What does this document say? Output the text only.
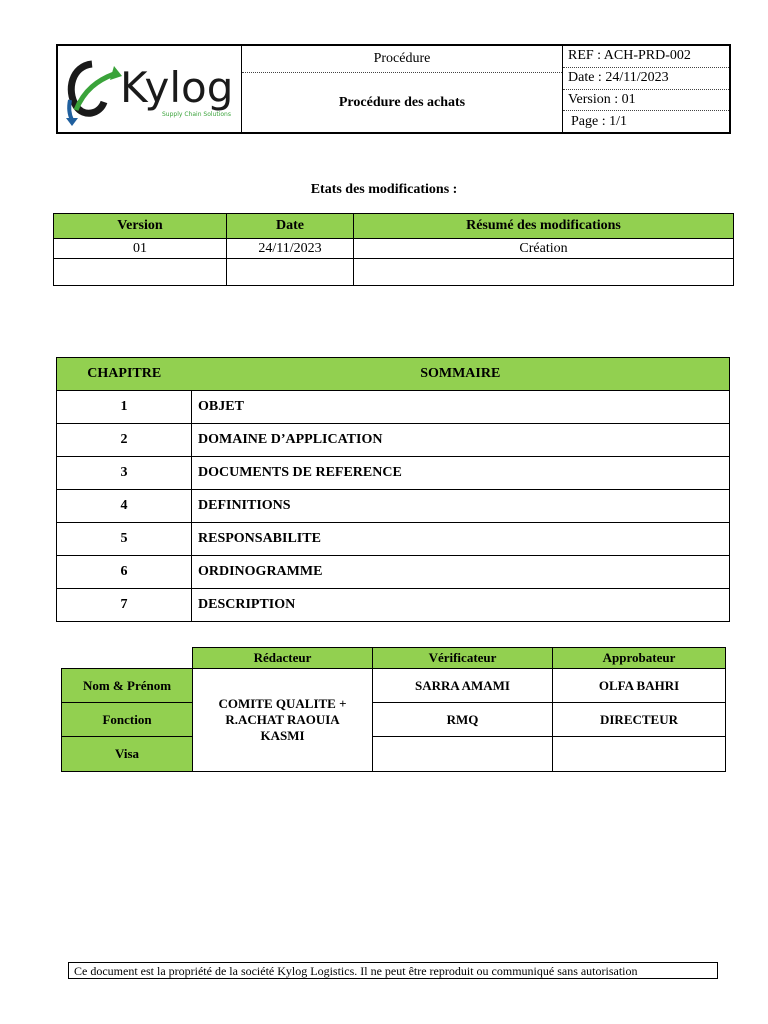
Kylog
Supply Chain Solutions
Procédure
Procédure des achats
REF : ACH-PRD-002
Date : 24/11/2023
Version : 01
Page : 1/1
Etats des modifications :
Version	Date	Résumé des modifications
01	24/11/2023	Création

CHAPITRE	SOMMAIRE
1	OBJET
2	DOMAINE D’APPLICATION
3	DOCUMENTS DE REFERENCE
4	DEFINITIONS
5	RESPONSABILITE
6	ORDINOGRAMME
7	DESCRIPTION
	Rédacteur	Vérificateur	Approbateur
Nom & Prénom	COMITE QUALITE + R.ACHAT RAOUIA KASMI	SARRA AMAMI	OLFA BAHRI
Fonction		RMQ	DIRECTEUR
Visa			
Ce document est la propriété de la société Kylog Logistics. Il ne peut être reproduit ou communiqué sans autorisation
